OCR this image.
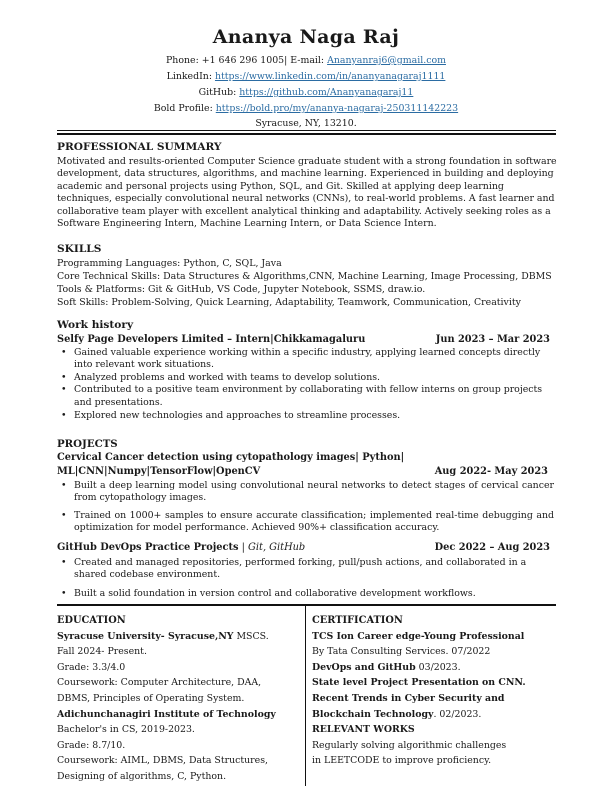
Ananya Naga Raj
Phone: +1 646 296 1005| E-mail: Ananyanraj6@gmail.com
LinkedIn: https://www.linkedin.com/in/ananyanagaraj1111
GitHub: https://github.com/Ananyanagaraj11
Bold Profile: https://bold.pro/my/ananya-nagaraj-250311142223
Syracuse, NY, 13210.
PROFESSIONAL SUMMARY
Motivated and results-oriented Computer Science graduate student with a strong foundation in software development, data structures, algorithms, and machine learning. Experienced in building and deploying academic and personal projects using Python, SQL, and Git. Skilled at applying deep learning techniques, especially convolutional neural networks (CNNs), to real-world problems. A fast learner and collaborative team player with excellent analytical thinking and adaptability. Actively seeking roles as a Software Engineering Intern, Machine Learning Intern, or Data Science Intern.
SKILLS
Programming Languages: Python, C, SQL, Java
Core Technical Skills: Data Structures & Algorithms,CNN, Machine Learning, Image Processing, DBMS
Tools & Platforms: Git & GitHub, VS Code, Jupyter Notebook, SSMS, draw.io.
Soft Skills: Problem-Solving, Quick Learning, Adaptability, Teamwork, Communication, Creativity
Work history
Selfy Page Developers Limited – Intern|Chikkamagaluru	Jun 2023 – Mar 2023
• Gained valuable experience working within a specific industry, applying learned concepts directly into relevant work situations.
• Analyzed problems and worked with teams to develop solutions.
• Contributed to a positive team environment by collaborating with fellow interns on group projects and presentations.
• Explored new technologies and approaches to streamline processes.
PROJECTS
Cervical Cancer detection using cytopathology images| Python|
ML|CNN|Numpy|TensorFlow|OpenCV	Aug 2022- May 2023
• Built a deep learning model using convolutional neural networks to detect stages of cervical cancer from cytopathology images.
• Trained on 1000+ samples to ensure accurate classification; implemented real-time debugging and optimization for model performance. Achieved 90%+ classification accuracy.
GitHub DevOps Practice Projects | Git, GitHub	Dec 2022 – Aug 2023
• Created and managed repositories, performed forking, pull/push actions, and collaborated in a shared codebase environment.
• Built a solid foundation in version control and collaborative development workflows.
EDUCATION
Syracuse University- Syracuse,NY MSCS.
Fall 2024- Present.
Grade: 3.3/4.0
Coursework: Computer Architecture, DAA,
DBMS, Principles of Operating System.
Adichunchanagiri Institute of Technology
Bachelor's in CS, 2019-2023.
Grade: 8.7/10.
Coursework: AIML, DBMS, Data Structures,
Designing of algorithms, C, Python.
CERTIFICATION
TCS Ion Career edge-Young Professional
By Tata Consulting Services. 07/2022
DevOps and GitHub 03/2023.
State level Project Presentation on CNN.
Recent Trends in Cyber Security and
Blockchain Technology. 02/2023.
RELEVANT WORKS
Regularly solving algorithmic challenges
in LEETCODE to improve proficiency.
